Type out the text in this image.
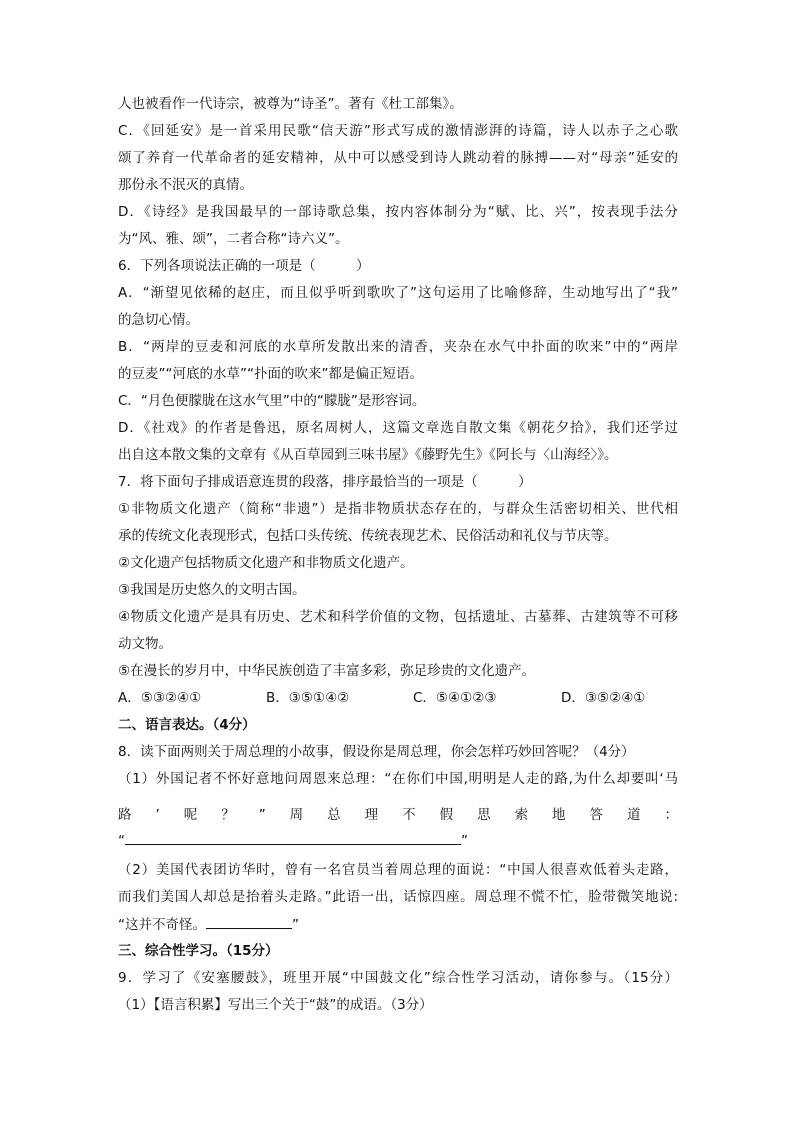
人也被看作一代诗宗，被尊为“诗圣”。著有《杜工部集》。
C．《回延安》是一首采用民歌“信天游”形式写成的激情澎湃的诗篇，诗人以赤子之心歌
颂了养育一代革命者的延安精神，从中可以感受到诗人跳动着的脉搏——对“母亲”延安的
那份永不泯灭的真情。
D．《诗经》是我国最早的一部诗歌总集，按内容体制分为“赋、比、兴”，按表现手法分
为“风、雅、颂”，二者合称“诗六义”。
6．下列各项说法正确的一项是（　　　）
A．“渐望见依稀的赵庄，而且似乎听到歌吹了”这句运用了比喻修辞，生动地写出了“我”
的急切心情。
B．“两岸的豆麦和河底的水草所发散出来的清香，夹杂在水气中扑面的吹来”中的“两岸
的豆麦”“河底的水草”“扑面的吹来”都是偏正短语。
C．“月色便朦胧在这水气里”中的“朦胧”是形容词。
D．《社戏》的作者是鲁迅，原名周树人，这篇文章选自散文集《朝花夕拾》，我们还学过
出自这本散文集的文章有《从百草园到三味书屋》《藤野先生》《阿长与〈山海经〉》。
7．将下面句子排成语意连贯的段落，排序最恰当的一项是（　　　）
①非物质文化遗产（简称“非遗”）是指非物质状态存在的，与群众生活密切相关、世代相
承的传统文化表现形式，包括口头传统、传统表现艺术、民俗活动和礼仪与节庆等。
②文化遗产包括物质文化遗产和非物质文化遗产。
③我国是历史悠久的文明古国。
④物质文化遗产是具有历史、艺术和科学价值的文物，包括遗址、古墓葬、古建筑等不可移
动文物。
⑤在漫长的岁月中，中华民族创造了丰富多彩，弥足珍贵的文化遗产。
A．⑤③②④①	B．③⑤①④②	C．⑤④①②③	D．③⑤②④①
二、语言表达。（4分）
8．读下面两则关于周总理的小故事，假设你是周总理，你会怎样巧妙回答呢？（4分）
（1）外国记者不怀好意地问周恩来总理：“在你们中国,明明是人走的路,为什么却要叫‘马
路’呢？”周总理不假思索地答道：
“	”
（2）美国代表团访华时，曾有一名官员当着周总理的面说：“中国人很喜欢低着头走路，
而我们美国人却总是抬着头走路。”此语一出，话惊四座。周总理不慌不忙，脸带微笑地说:
“这并不奇怪。	”
三、综合性学习。（15分）
9．学习了《安塞腰鼓》，班里开展“中国鼓文化”综合性学习活动，请你参与。（15分）
（1）【语言积累】写出三个关于“鼓”的成语。（3分）
